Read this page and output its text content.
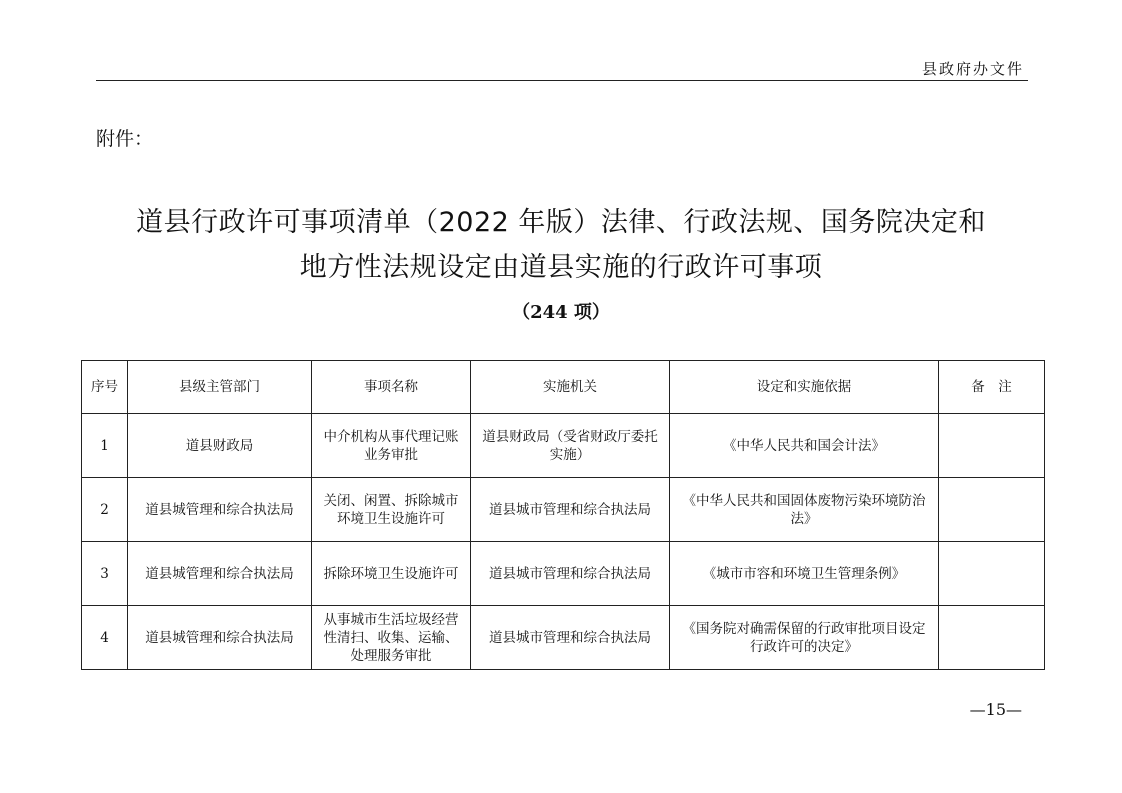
县政府办文件
附件：
道县行政许可事项清单（2022 年版）法律、行政法规、国务院决定和
地方性法规设定由道县实施的行政许可事项
（244 项）
序号	县级主管部门	事项名称	实施机关	设定和实施依据	备　注
1	道县财政局	中介机构从事代理记账业务审批	道县财政局（受省财政厅委托实施）	《中华人民共和国会计法》	
2	道县城管理和综合执法局	关闭、闲置、拆除城市环境卫生设施许可	道县城市管理和综合执法局	《中华人民共和国固体废物污染环境防治法》	
3	道县城管理和综合执法局	拆除环境卫生设施许可	道县城市管理和综合执法局	《城市市容和环境卫生管理条例》	
4	道县城管理和综合执法局	从事城市生活垃圾经营性清扫、收集、运输、处理服务审批	道县城市管理和综合执法局	《国务院对确需保留的行政审批项目设定行政许可的决定》	
—15—
